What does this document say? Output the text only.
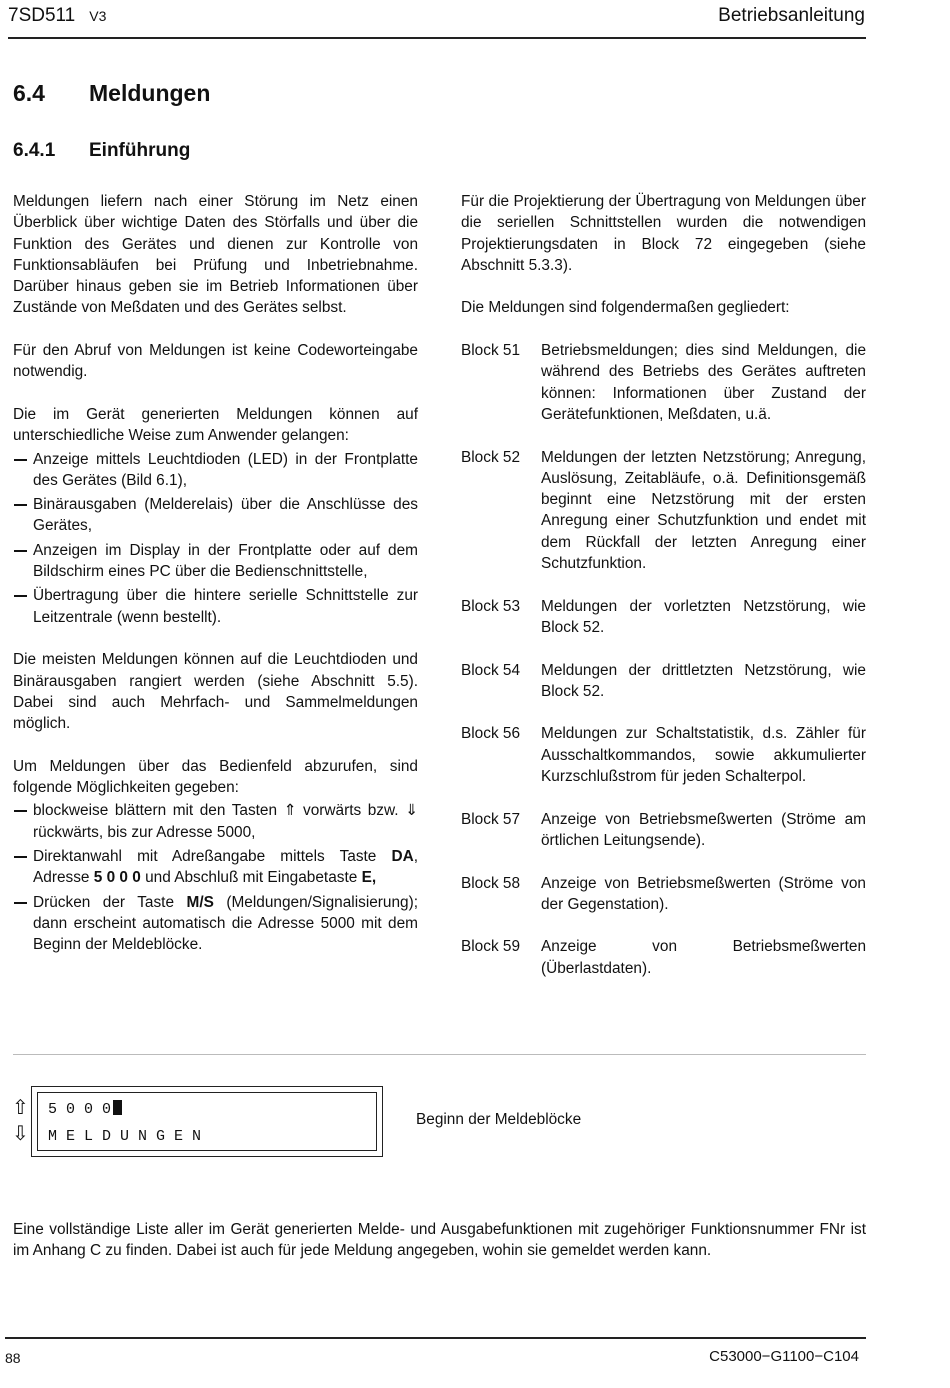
7SD511 V3	Betriebsanleitung
6.4 Meldungen
6.4.1 Einführung

Meldungen liefern nach einer Störung im Netz einen Überblick über wichtige Daten des Störfalls und über die Funktion des Gerätes und dienen zur Kontrolle von Funktionsabläufen bei Prüfung und Inbetriebnahme. Darüber hinaus geben sie im Betrieb Informationen über Zustände von Meßdaten und des Gerätes selbst.

Für den Abruf von Meldungen ist keine Codeworteingabe notwendig.

Die im Gerät generierten Meldungen können auf unterschiedliche Weise zum Anwender gelangen:

Anzeige mittels Leuchtdioden (LED) in der Frontplatte des Gerätes (Bild 6.1),
Binärausgaben (Melderelais) über die Anschlüsse des Gerätes,
Anzeigen im Display in der Frontplatte oder auf dem Bildschirm eines PC über die Bedienschnittstelle,
Übertragung über die hintere serielle Schnittstelle zur Leitzentrale (wenn bestellt).

Die meisten Meldungen können auf die Leuchtdioden und Binärausgaben rangiert werden (siehe Abschnitt 5.5). Dabei sind auch Mehrfach- und Sammelmeldungen möglich.

Um Meldungen über das Bedienfeld abzurufen, sind folgende Möglichkeiten gegeben:

blockweise blättern mit den Tasten ⇑ vorwärts bzw. ⇓ rückwärts, bis zur Adresse 5000,
Direktanwahl mit Adreßangabe mittels Taste DA, Adresse 5 0 0 0 und Abschluß mit Eingabetaste E,
Drücken der Taste M/S (Meldungen/Signalisierung); dann erscheint automatisch die Adresse 5000 mit dem Beginn der Meldeblöcke.

Für die Projektierung der Übertragung von Meldungen über die seriellen Schnittstellen wurden die notwendigen Projektierungsdaten in Block 72 eingegeben (siehe Abschnitt 5.3.3).

Die Meldungen sind folgendermaßen gegliedert:

Block 51	Betriebsmeldungen; dies sind Meldungen, die während des Betriebs des Gerätes auftreten können: Informationen über Zustand der Gerätefunktionen, Meßdaten, u.ä.
Block 52	Meldungen der letzten Netzstörung; Anregung, Auslösung, Zeitabläufe, o.ä. Definitionsgemäß beginnt eine Netzstörung mit der ersten Anregung einer Schutzfunktion und endet mit dem Rückfall der letzten Anregung einer Schutzfunktion.
Block 53	Meldungen der vorletzten Netzstörung, wie Block 52.
Block 54	Meldungen der drittletzten Netzstörung, wie Block 52.
Block 56	Meldungen zur Schaltstatistik, d.s. Zähler für Ausschaltkommandos, sowie akkumulierter Kurzschlußstrom für jeden Schalterpol.
Block 57	Anzeige von Betriebsmeßwerten (Ströme am örtlichen Leitungsende).
Block 58	Anzeige von Betriebsmeßwerten (Ströme von der Gegenstation).
Block 59	Anzeige von Betriebsmeßwerten (Überlastdaten).
⇧
⇩
5 0 0 0
M E L D U N G E N
Beginn der Meldeblöcke
Eine vollständige Liste aller im Gerät generierten Melde- und Ausgabefunktionen mit zugehöriger Funktionsnummer FNr ist im Anhang C zu finden. Dabei ist auch für jede Meldung angegeben, wohin sie gemeldet werden kann.
88	C53000−G1100−C104
